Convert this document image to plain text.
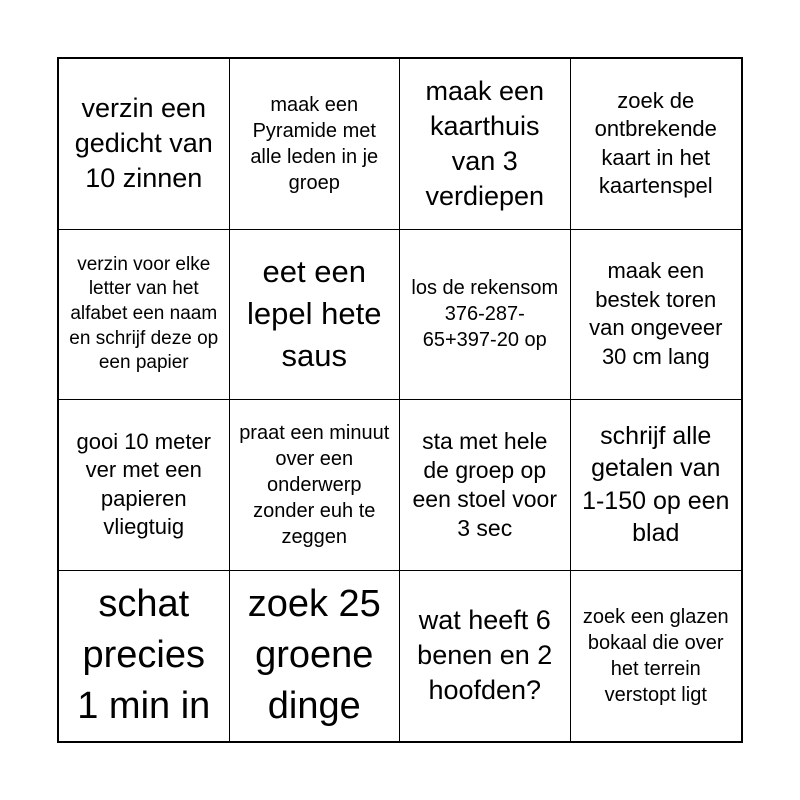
verzin een gedicht van 10 zinnen
maak een Pyramide met alle leden in je groep
maak een kaarthuis van 3 verdiepen
zoek de ontbrekende kaart in het kaartenspel
verzin voor elke letter van het alfabet een naam en schrijf deze op een papier
eet een lepel hete saus
los de rekensom 376-287-65+397-20 op
maak een bestek toren van ongeveer 30 cm lang
gooi 10 meter ver met een papieren vliegtuig
praat een minuut over een onderwerp zonder euh te zeggen
sta met hele de groep op een stoel voor 3 sec
schrijf alle getalen van 1-150 op een blad
schat precies 1 min in
zoek 25 groene dinge
wat heeft 6 benen en 2 hoofden?
zoek een glazen bokaal die over het terrein verstopt ligt
